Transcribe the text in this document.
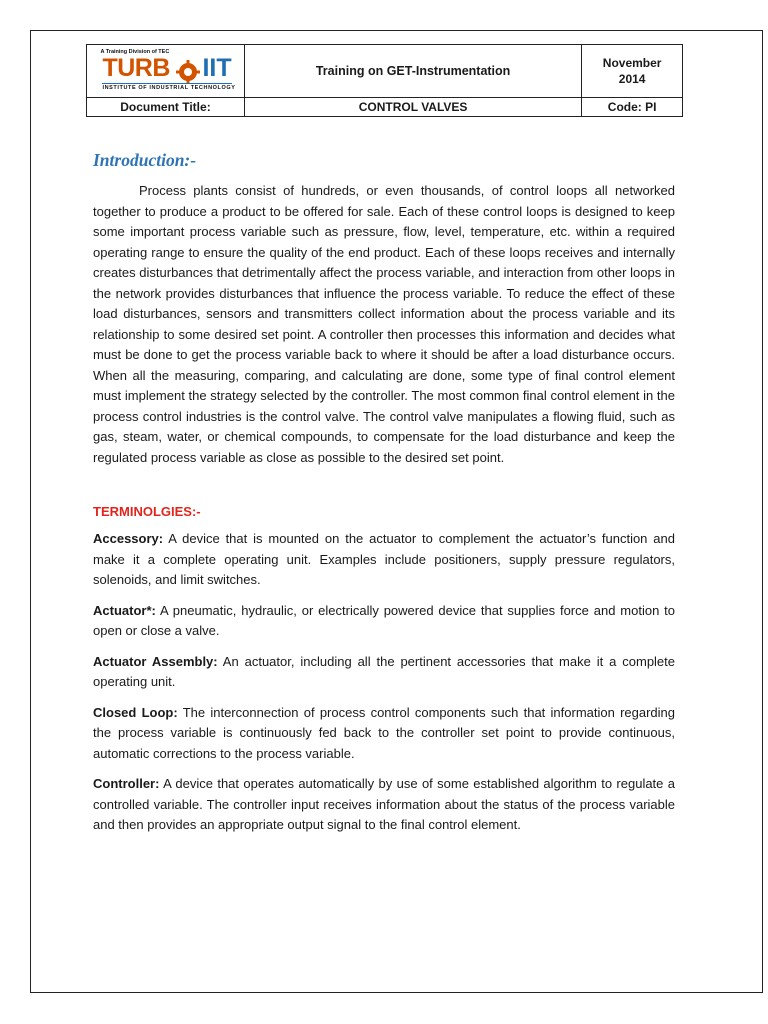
A Training Division of TEC
TURB IIT
INSTITUTE OF INDUSTRIAL TECHNOLOGY	Training on GET-Instrumentation	November
2014
Document Title:	CONTROL VALVES	Code: PI
Introduction:-

Process plants consist of hundreds, or even thousands, of control loops all networked together to produce a product to be offered for sale. Each of these control loops is designed to keep some important process variable such as pressure, flow, level, temperature, etc. within a required operating range to ensure the quality of the end product. Each of these loops receives and internally creates disturbances that detrimentally affect the process variable, and interaction from other loops in the network provides disturbances that influence the process variable. To reduce the effect of these load disturbances, sensors and transmitters collect information about the process variable and its relationship to some desired set point. A controller then processes this information and decides what must be done to get the process variable back to where it should be after a load disturbance occurs. When all the measuring, comparing, and calculating are done, some type of final control element must implement the strategy selected by the controller. The most common final control element in the process control industries is the control valve. The control valve manipulates a flowing fluid, such as gas, steam, water, or chemical compounds, to compensate for the load disturbance and keep the regulated process variable as close as possible to the desired set point.

TERMINOLGIES:-

Accessory: A device that is mounted on the actuator to complement the actuator’s function and make it a complete operating unit. Examples include positioners, supply pressure regulators, solenoids, and limit switches.

Actuator*: A pneumatic, hydraulic, or electrically powered device that supplies force and motion to open or close a valve.

Actuator Assembly: An actuator, including all the pertinent accessories that make it a complete operating unit.

Closed Loop: The interconnection of process control components such that information regarding the process variable is continuously fed back to the controller set point to provide continuous, automatic corrections to the process variable.

Controller: A device that operates automatically by use of some established algorithm to regulate a controlled variable. The controller input receives information about the status of the process variable and then provides an appropriate output signal to the final control element.
